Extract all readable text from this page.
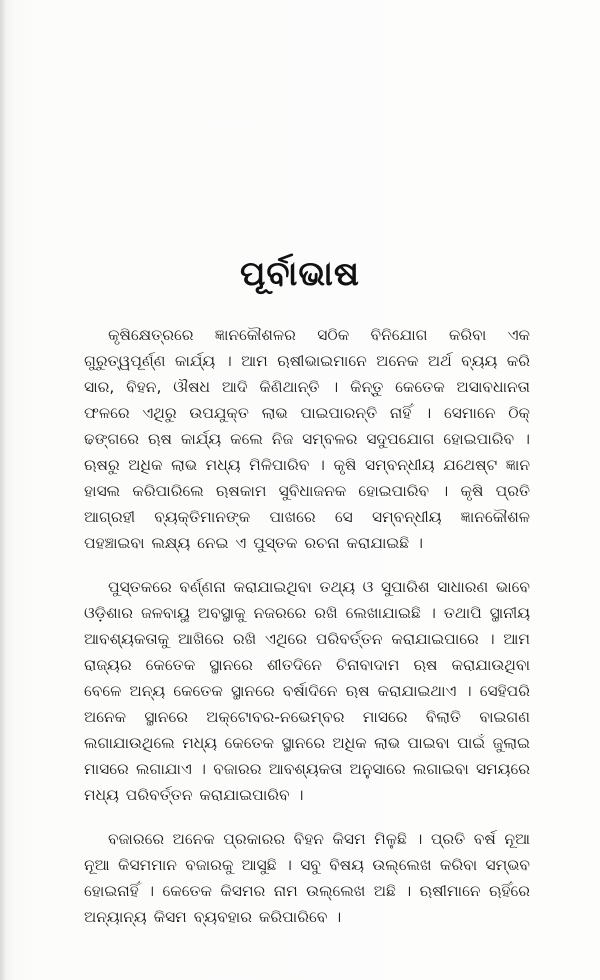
ପୂର୍ବାଭାଷ

କୃଷିକ୍ଷେତ୍ରରେ ଜ୍ଞାନକୌଶଳର ସଠିକ ବିନିଯୋଗ କରିବା ଏକ ଗୁରୁତ୍ୱପୂର୍ଣ୍ଣ କାର୍ଯ୍ୟ । ଆମ ଋଷୀଭାଇମାନେ ଅନେକ ଅର୍ଥ ବ୍ୟୟ କରି ସାର, ବିହନ, ଔଷଧ ଆଦି କିଣିଥାନ୍ତି । କିନ୍ତୁ କେତେକ ଅସାବଧାନତା ଫଳରେ ଏଥିରୁ ଉପଯୁକ୍ତ ଲାଭ ପାଇପାରନ୍ତି ନାହିଁ । ସେମାନେ ଠିକ୍ ଢଙ୍ଗରେ ଋଷ କାର୍ଯ୍ୟ କଲେ ନିଜ ସମ୍ବଳର ସଦୁପଯୋଗ ହୋଇପାରିବ । ଋଷରୁ ଅଧିକ ଲାଭ ମଧ୍ୟ ମିଳିପାରିବ । କୃଷି ସମ୍ବନ୍ଧୀୟ ଯଥେଷ୍ଟ ଜ୍ଞାନ ହାସଲ କରିପାରିଲେ ଋଷକାମ ସୁବିଧାଜନକ ହୋଇପାରିବ । କୃଷି ପ୍ରତି ଆଗ୍ରହୀ ବ୍ୟକ୍ତିମାନଙ୍କ ପାଖରେ ସେ ସମ୍ବନ୍ଧୀୟ ଜ୍ଞାନକୌଶଳ ପହଞ୍ଚାଇବା ଲକ୍ଷ୍ୟ ନେଇ ଏ ପୁସ୍ତକ ରଚନା କରାଯାଇଛି ।

ପୁସ୍ତକରେ ବର୍ଣ୍ଣନା କରାଯାଇଥିବା ତଥ୍ୟ ଓ ସୁପାରିଶ ସାଧାରଣ ଭାବେ ଓଡ଼ିଶାର ଜଳବାୟୁ ଅବସ୍ଥାକୁ ନଜରରେ ରଖି ଲେଖାଯାଇଛି । ତଥାପି ସ୍ଥାନୀୟ ଆବଶ୍ୟକତାକୁ ଆଖିରେ ରଖି ଏଥିରେ ପରିବର୍ତ୍ତନ କରାଯାଇପାରେ । ଆମ ରାଜ୍ୟର କେତେକ ସ୍ଥାନରେ ଶୀତଦିନେ ଚିନାବାଦାମ ଋଷ କରାଯାଉଥିବା ବେଳେ ଅନ୍ୟ କେତେକ ସ୍ଥାନରେ ବର୍ଷାଦିନେ ଋଷ କରାଯାଇଥାଏ । ସେହିପରି ଅନେକ ସ୍ଥାନରେ ଅକ୍ଟୋବର-ନଭେମ୍ବର ମାସରେ ବିଲାତି ବାଇଗଣ ଲଗାଯାଉଥିଲେ ମଧ୍ୟ କେତେକ ସ୍ଥାନରେ ଅଧିକ ଲାଭ ପାଇବା ପାଇଁ ଜୁଲାଇ ମାସରେ ଲଗାଯାଏ । ବଜାରର ଆବଶ୍ୟକତା ଅନୁସାରେ ଲଗାଇବା ସମୟରେ ମଧ୍ୟ ପରିବର୍ତ୍ତନ କରାଯାଇପାରିବ ।

ବଜାରରେ ଅନେକ ପ୍ରକାରର ବିହନ କିସମ ମିଳୁଛି । ପ୍ରତି ବର୍ଷ ନୂଆ ନୂଆ କିସମମାନ ବଜାରକୁ ଆସୁଛି । ସବୁ ବିଷୟ ଉଲ୍ଲେଖ କରିବା ସମ୍ଭବ ହୋଇନାହିଁ । କେତେକ କିସମର ନାମ ଉଲ୍ଲେଖ ଅଛି । ଋଷୀମାନେ ଋହିଁରେ ଅନ୍ୟାନ୍ୟ କିସମ ବ୍ୟବହାର କରିପାରିବେ ।
